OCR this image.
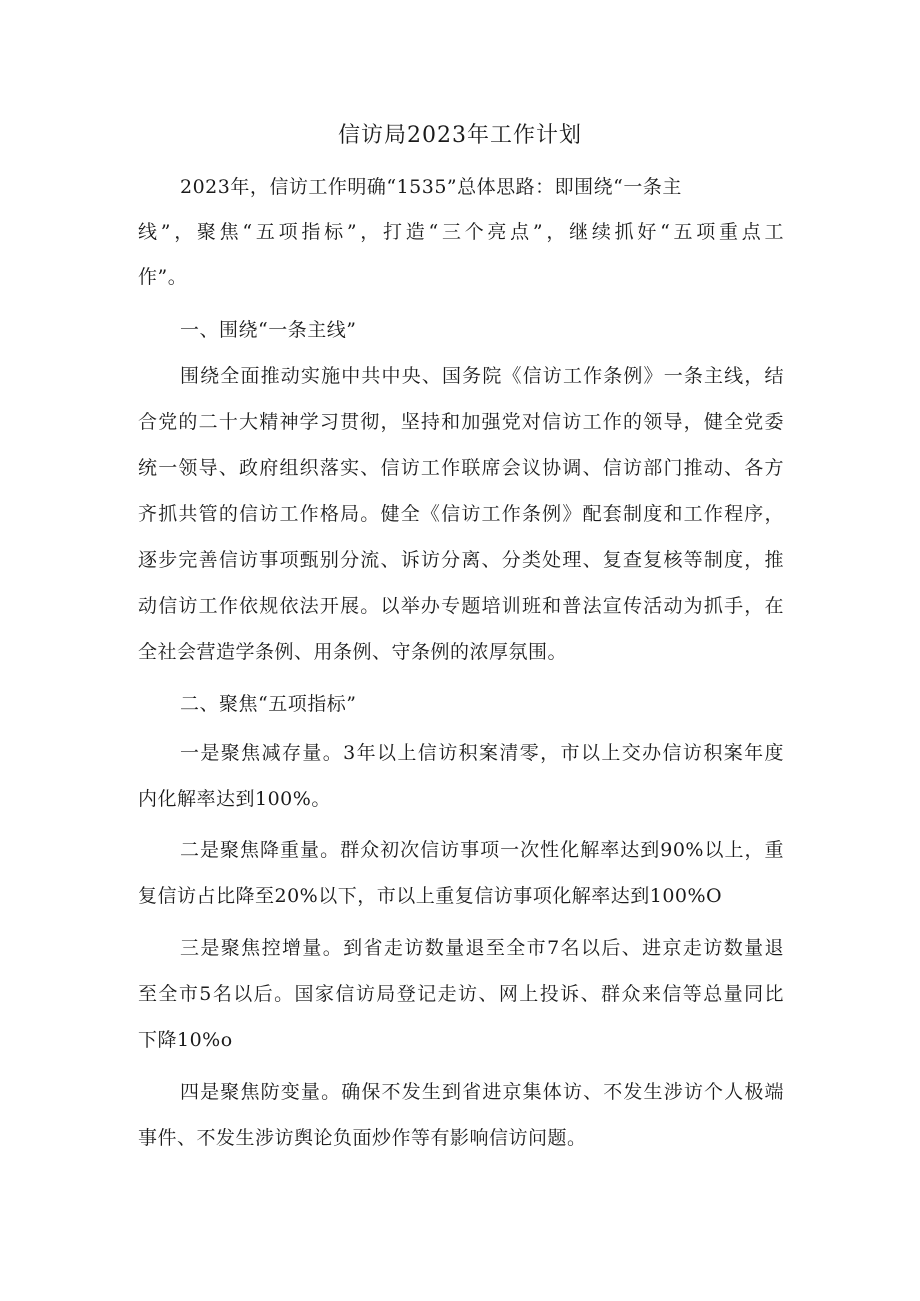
信访局2023年工作计划
2023年，信访工作明确“1535”总体思路：即围绕“一条主
线”，聚焦“五项指标”，打造“三个亮点”，继续抓好“五项重点工
作”。
一、围绕“一条主线”
围绕全面推动实施中共中央、国务院《信访工作条例》一条主线，结
合党的二十大精神学习贯彻，坚持和加强党对信访工作的领导，健全党委
统一领导、政府组织落实、信访工作联席会议协调、信访部门推动、各方
齐抓共管的信访工作格局。健全《信访工作条例》配套制度和工作程序，
逐步完善信访事项甄别分流、诉访分离、分类处理、复查复核等制度，推
动信访工作依规依法开展。以举办专题培训班和普法宣传活动为抓手，在
全社会营造学条例、用条例、守条例的浓厚氛围。
二、聚焦“五项指标”
一是聚焦减存量。3年以上信访积案清零，市以上交办信访积案年度
内化解率达到100%。
二是聚焦降重量。群众初次信访事项一次性化解率达到90%以上，重
复信访占比降至20%以下，市以上重复信访事项化解率达到100%O
三是聚焦控增量。到省走访数量退至全市7名以后、进京走访数量退
至全市5名以后。国家信访局登记走访、网上投诉、群众来信等总量同比
下降10%o
四是聚焦防变量。确保不发生到省进京集体访、不发生涉访个人极端
事件、不发生涉访舆论负面炒作等有影响信访问题。
